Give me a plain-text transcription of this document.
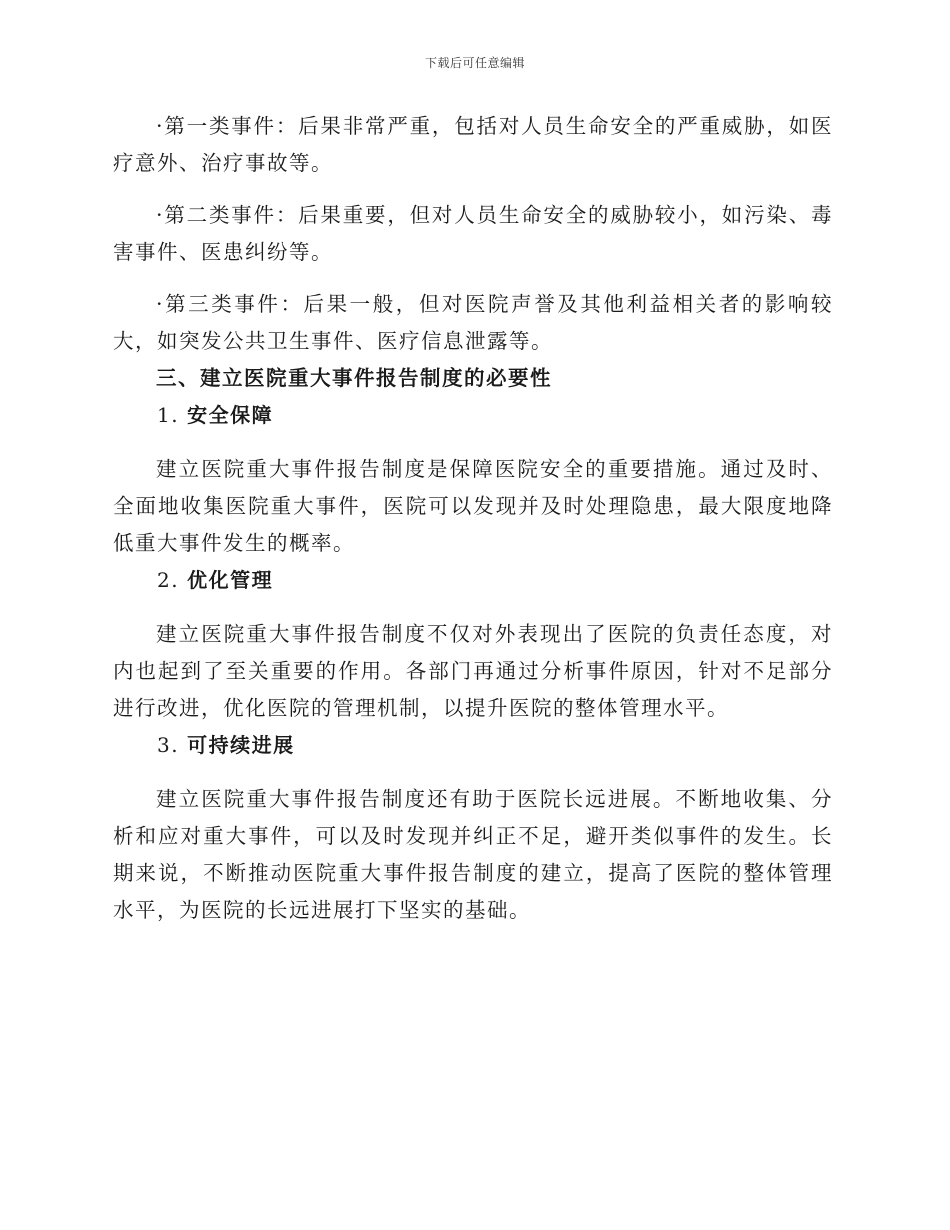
下载后可任意编辑

·第一类事件：后果非常严重，包括对人员生命安全的严重威胁，如医疗意外、治疗事故等。

·第二类事件：后果重要，但对人员生命安全的威胁较小，如污染、毒害事件、医患纠纷等。

·第三类事件：后果一般，但对医院声誉及其他利益相关者的影响较大，如突发公共卫生事件、医疗信息泄露等。

三、建立医院重大事件报告制度的必要性

1. 安全保障

建立医院重大事件报告制度是保障医院安全的重要措施。通过及时、全面地收集医院重大事件，医院可以发现并及时处理隐患，最大限度地降低重大事件发生的概率。

2. 优化管理

建立医院重大事件报告制度不仅对外表现出了医院的负责任态度，对内也起到了至关重要的作用。各部门再通过分析事件原因，针对不足部分进行改进，优化医院的管理机制，以提升医院的整体管理水平。

3. 可持续进展

建立医院重大事件报告制度还有助于医院长远进展。不断地收集、分析和应对重大事件，可以及时发现并纠正不足，避开类似事件的发生。长期来说，不断推动医院重大事件报告制度的建立，提高了医院的整体管理水平，为医院的长远进展打下坚实的基础。
